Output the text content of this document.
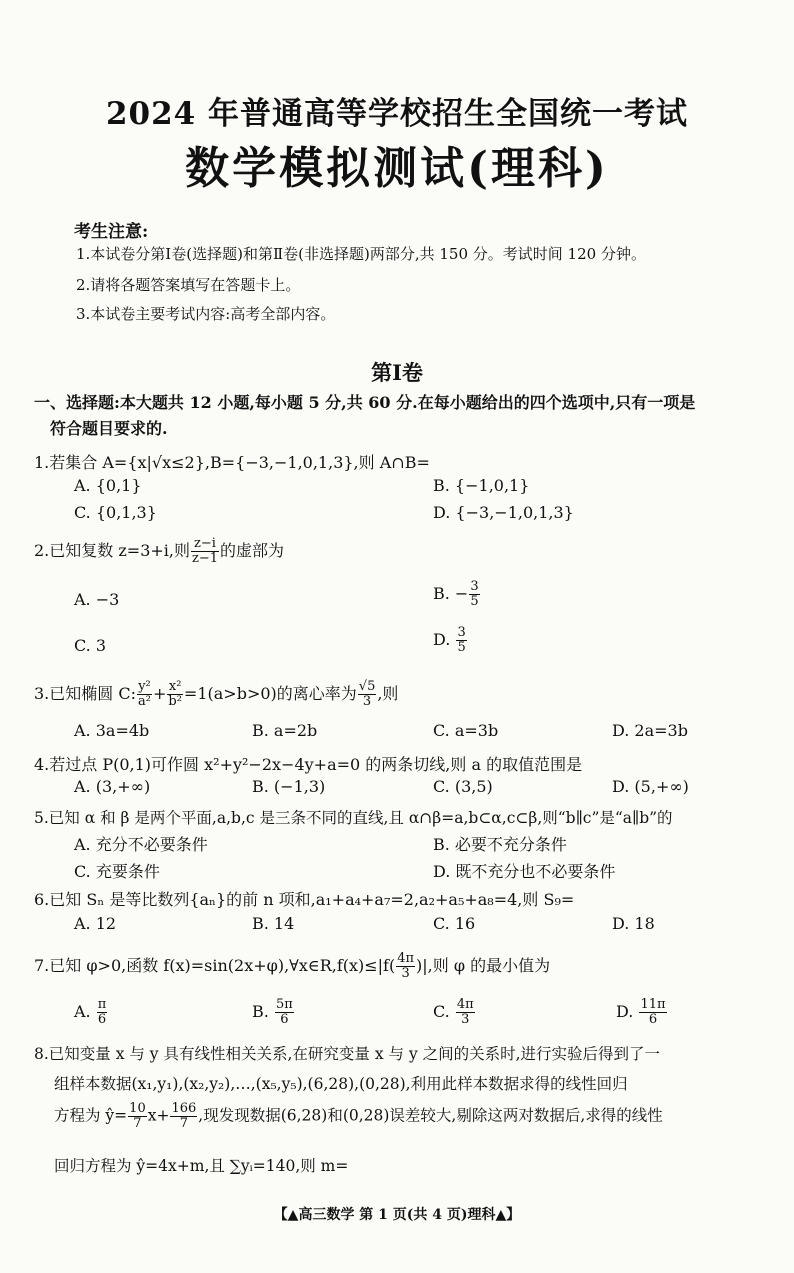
2024 年普通高等学校招生全国统一考试
数学模拟测试(理科)
考生注意:
1.本试卷分第Ⅰ卷(选择题)和第Ⅱ卷(非选择题)两部分,共 150 分。考试时间 120 分钟。
2.请将各题答案填写在答题卡上。
3.本试卷主要考试内容:高考全部内容。
第Ⅰ卷
一、选择题:本大题共 12 小题,每小题 5 分,共 60 分.在每小题给出的四个选项中,只有一项是
符合题目要求的.
1.若集合 A={x|√x≤2},B={−3,−1,0,1,3},则 A∩B=
A. {0,1}	B. {−1,0,1}
C. {0,1,3}	D. {−3,−1,0,1,3}
2.已知复数 z=3+i,则 $\frac{z-i}{z-1}$ 的虚部为
A. −3	B. − $\frac{3}{5}$
C. 3	D. $\frac{3}{5}$
3.已知椭圆 C: $\frac{\text{y²}}{\text{a²}} + \frac{\text{x²}}{\text{b²}} =1(a>b>0)$的离心率为 $\frac{√5}{3}$ ,则
A. 3a=4b	B. a=2b	C. a=3b	D. 2a=3b
4.若过点 P(0,1)可作圆 x²+y²−2x−4y+a=0 的两条切线,则 a 的取值范围是
A. (3,+∞)	B. (−1,3)	C. (3,5)	D. (5,+∞)
5.已知 α 和 β 是两个平面,a,b,c 是三条不同的直线,且 α∩β=a,b⊂α,c⊂β,则“b∥c”是“a∥b”的
A. 充分不必要条件	B. 必要不充分条件
C. 充要条件	D. 既不充分也不必要条件
6.已知 Sₙ 是等比数列{aₙ}的前 n 项和,a₁+a₄+a₇=2,a₂+a₅+a₈=4,则 S₉=
A. 12	B. 14	C. 16	D. 18
7.已知 φ>0,函数 f(x)=sin(2x+φ),∀x∈R,f(x)≤|f( $\frac{4\pi}{3}$ )|,则 φ 的最小值为
A. $\frac{\pi}{6}$	B. $\frac{5\pi}{6}$	C. $\frac{4\pi}{3}$	D. $\frac{11\pi}{6}$
8.已知变量 x 与 y 具有线性相关关系,在研究变量 x 与 y 之间的关系时,进行实验后得到了一
组样本数据(x₁,y₁),(x₂,y₂),…,(x₅,y₅),(6,28),(0,28),利用此样本数据求得的线性回归
方程为 ŷ= $\frac{10}{7} x+ \frac{166}{7}$ ,现发现数据(6,28)和(0,28)误差较大,剔除这两对数据后,求得的线性
回归方程为 ŷ=4x+m,且 ∑yᵢ=140,则 m=
【▲高三数学 第 1 页(共 4 页)理科▲】
